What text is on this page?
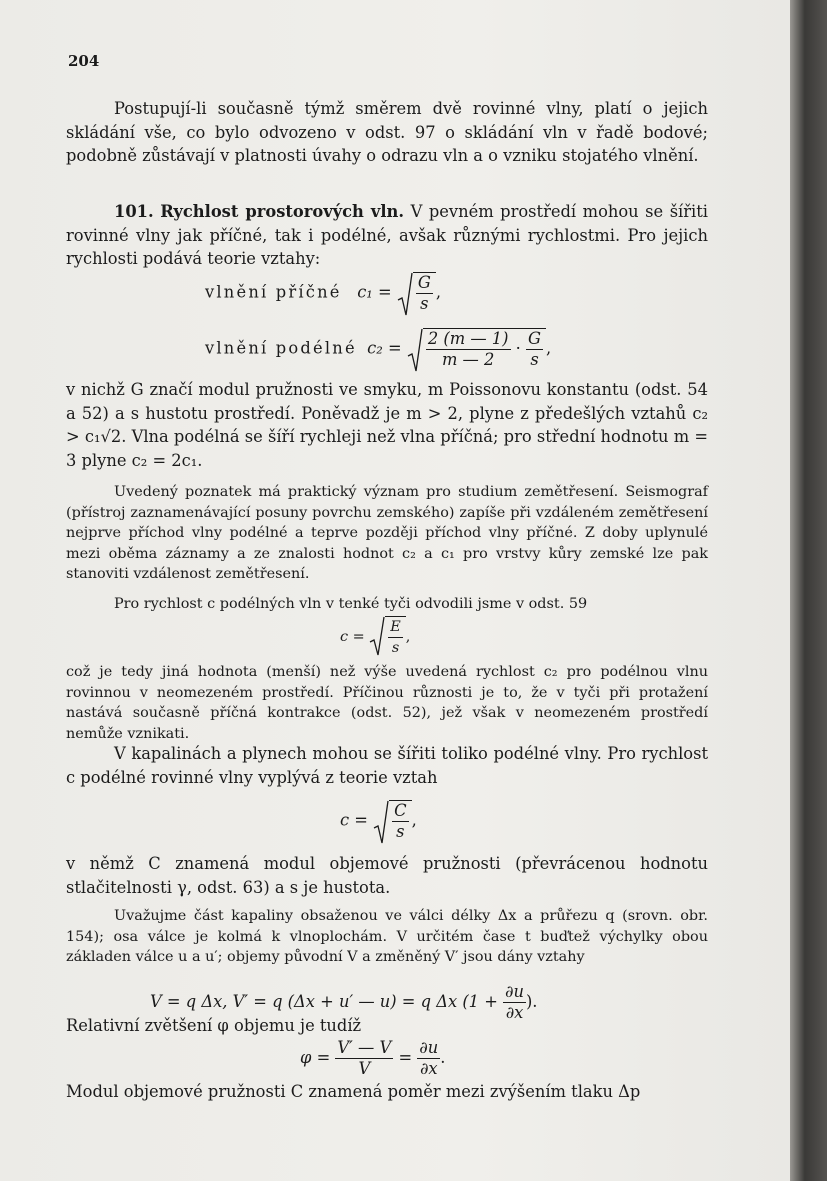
204

Postupují-li současně týmž směrem dvě rovinné vlny, platí o jejich skládání vše, co bylo odvozeno v odst. 97 o skládání vln v řadě bodové; podobně zůstávají v platnosti úvahy o odrazu vln a o vzniku stojatého vlnění.

101. Rychlost prostorových vln. V pevném prostředí mohou se šířiti rovinné vlny jak příčné, tak i podélné, avšak různými rychlostmi. Pro jejich rychlosti podává teorie vztahy:

vlnění příčné $c_1 = \frac{G}{s}$ ,
vlnění podélné $c_2 = \frac{2 (m — 1)}{m — 2} \cdot \frac{G}{s}$ ,

v nichž G značí modul pružnosti ve smyku, m Poissonovu konstantu (odst. 54 a 52) a s hustotu prostředí. Poněvadž je m > 2, plyne z předešlých vztahů c₂ > c₁√2. Vlna podélná se šíří rychleji než vlna příčná; pro střední hodnotu m = 3 plyne c₂ = 2c₁.

Uvedený poznatek má praktický význam pro studium zemětřesení. Seismograf (přístroj zaznamenávající posuny povrchu zemského) zapíše při vzdáleném zemětřesení nejprve příchod vlny podélné a teprve později příchod vlny příčné. Z doby uplynulé mezi oběma záznamy a ze znalosti hodnot c₂ a c₁ pro vrstvy kůry zemské lze pak stanoviti vzdálenost zemětřesení.

Pro rychlost c podélných vln v tenké tyči odvodili jsme v odst. 59

$c = \frac{E}{s}$ ,

což je tedy jiná hodnota (menší) než výše uvedená rychlost c₂ pro podélnou vlnu rovinnou v neomezeném prostředí. Příčinou různosti je to, že v tyči při protažení nastává současně příčná kontrakce (odst. 52), jež však v neomezeném prostředí nemůže vznikati.

V kapalinách a plynech mohou se šířiti toliko podélné vlny. Pro rychlost c podélné rovinné vlny vyplývá z teorie vztah

$c = \frac{C}{s}$ ,

v němž C znamená modul objemové pružnosti (převrácenou hodnotu stlačitelnosti γ, odst. 63) a s je hustota.

Uvažujme část kapaliny obsaženou ve válci délky Δx a průřezu q (srovn. obr. 154); osa válce je kolmá k vlnoplochám. V určitém čase t buďtež výchylky obou základen válce u a u′; objemy původní V a změněný V′ jsou dány vztahy

V = q Δx, V′ = q (Δx + u′ — u) = q Δx ($1 + \frac{\partial u}{\partial x}$ ).

Relativní zvětšení φ objemu je tudíž

$\varphi = \frac{V' — V}{V} = \frac{\partial u}{\partial x}$ .

Modul objemové pružnosti C znamená poměr mezi zvýšením tlaku Δp
